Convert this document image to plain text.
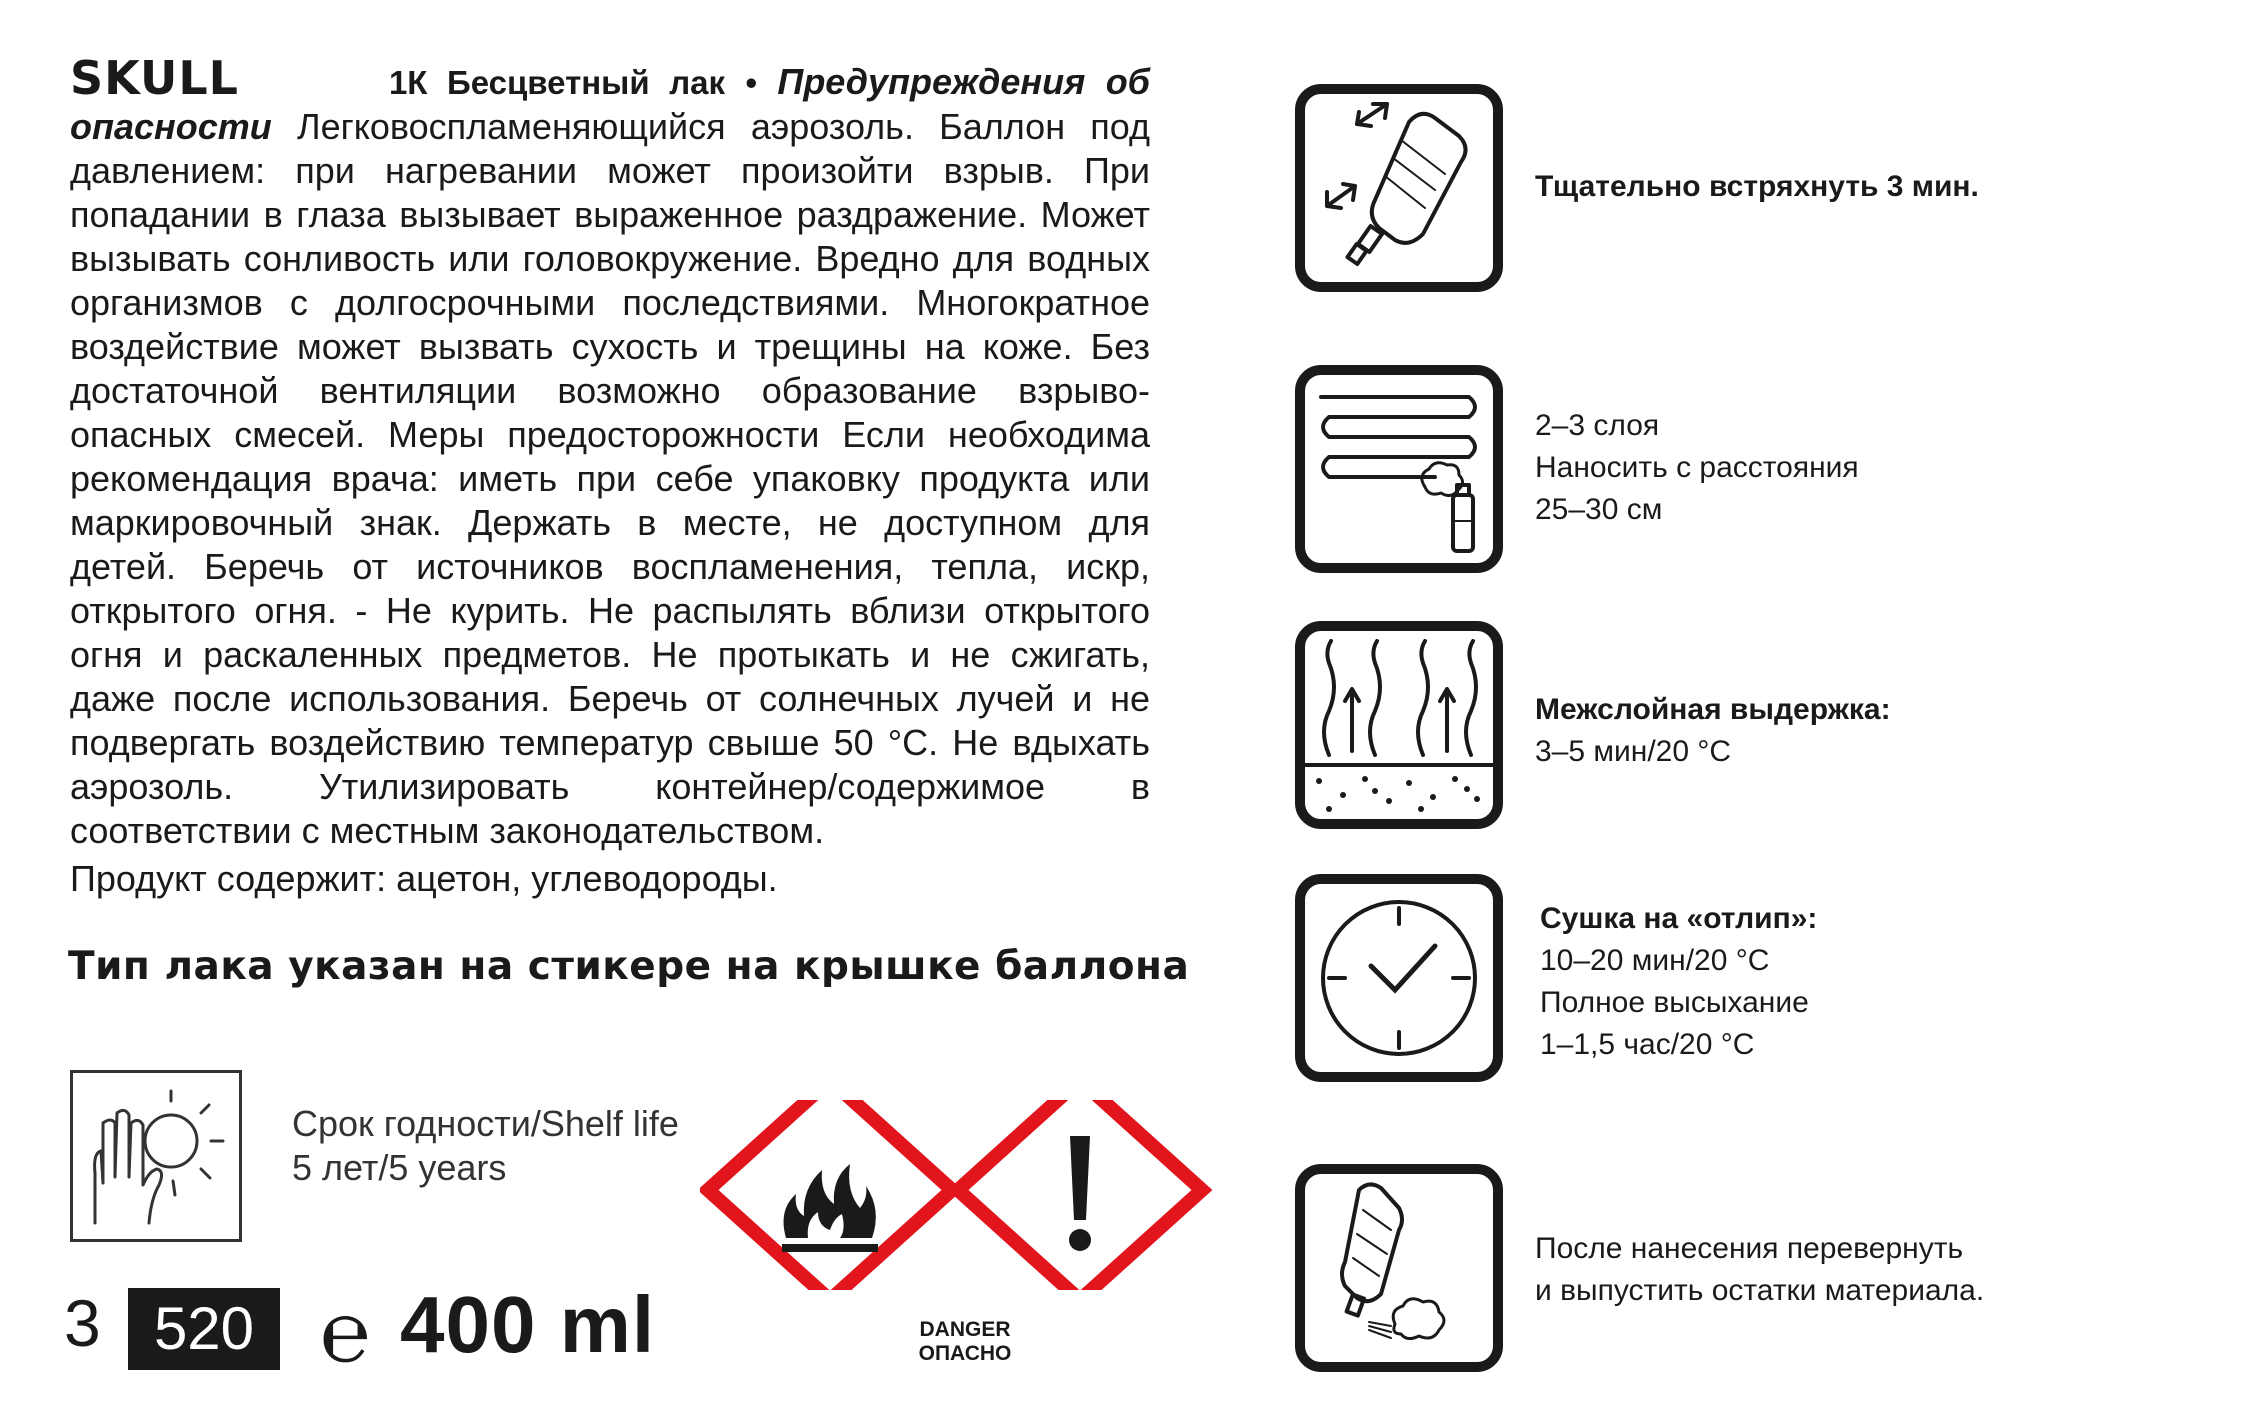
SKULL	1К Бесцветный лак • Предупреждения об опасности Легковоспламеняющийся аэрозоль. Баллон под давлением: при нагревании может произойти взрыв. При попадании в глаза вызывает выраженное раздражение. Может вызывать сонливость или головокружение. Вредно для водных организмов с долгосрочными последствиями. Многократное воздействие может вызвать сухость и трещины на коже. Без достаточной вентиляции возможно образование взрыво-опасных смесей. Меры предосторожности Если необходима рекомендация врача: иметь при себе упаковку продукта или маркировочный знак. Держать в месте, не доступном для детей. Беречь от источников воспламенения, тепла, искр, открытого огня. - Не курить. Не распылять вблизи открытого огня и раскаленных предметов. Не протыкать и не сжигать, даже после использования. Беречь от солнечных лучей и не подвергать воздействию температур свыше 50 °С. Не вдыхать аэрозоль. Утилизировать контейнер/содержимое в соответствии с местным законодательством.
Продукт содержит: ацетон, углеводороды.
Тип лака указан на стикере на крышке баллона
Срок годности/Shelf life
5 лет/5 years
3 520 ℮ 400 ml	DANGER
ОПАСНО
Тщательно встряхнуть 3 мин.
2–3 слоя
Наносить с расстояния
25–30 см
Межслойная выдержка:
3–5 мин/20 °C
Сушка на «отлип»:
10–20 мин/20 °C
Полное высыхание
1–1,5 час/20 °C
После нанесения перевернуть
и выпустить остатки материала.
